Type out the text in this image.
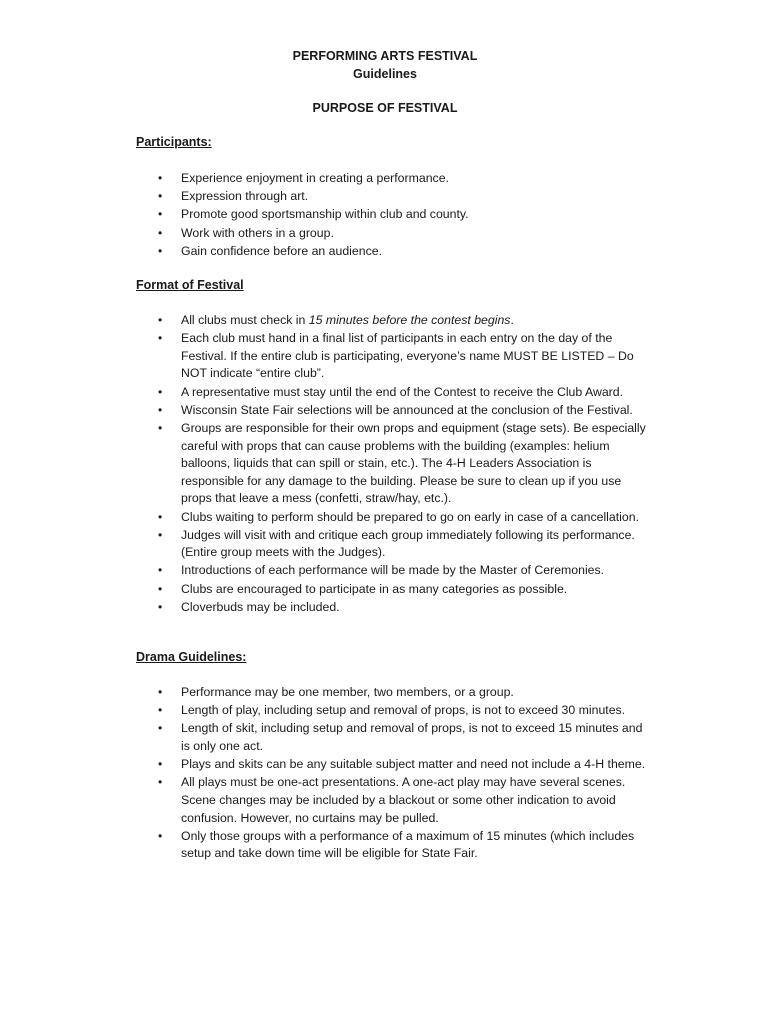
PERFORMING ARTS FESTIVAL
Guidelines
PURPOSE OF FESTIVAL
Participants:
• Experience enjoyment in creating a performance.
• Expression through art.
• Promote good sportsmanship within club and county.
• Work with others in a group.
• Gain confidence before an audience.
Format of Festival
• All clubs must check in 15 minutes before the contest begins.
• Each club must hand in a final list of participants in each entry on the day of the Festival. If the entire club is participating, everyone’s name MUST BE LISTED – Do NOT indicate “entire club”.
• A representative must stay until the end of the Contest to receive the Club Award.
• Wisconsin State Fair selections will be announced at the conclusion of the Festival.
• Groups are responsible for their own props and equipment (stage sets). Be especially careful with props that can cause problems with the building (examples: helium balloons, liquids that can spill or stain, etc.). The 4-H Leaders Association is responsible for any damage to the building. Please be sure to clean up if you use props that leave a mess (confetti, straw/hay, etc.).
• Clubs waiting to perform should be prepared to go on early in case of a cancellation.
• Judges will visit with and critique each group immediately following its performance. (Entire group meets with the Judges).
• Introductions of each performance will be made by the Master of Ceremonies.
• Clubs are encouraged to participate in as many categories as possible.
• Cloverbuds may be included.
Drama Guidelines:
• Performance may be one member, two members, or a group.
• Length of play, including setup and removal of props, is not to exceed 30 minutes.
• Length of skit, including setup and removal of props, is not to exceed 15 minutes and is only one act.
• Plays and skits can be any suitable subject matter and need not include a 4-H theme.
• All plays must be one-act presentations. A one-act play may have several scenes. Scene changes may be included by a blackout or some other indication to avoid confusion. However, no curtains may be pulled.
• Only those groups with a performance of a maximum of 15 minutes (which includes setup and take down time will be eligible for State Fair.
